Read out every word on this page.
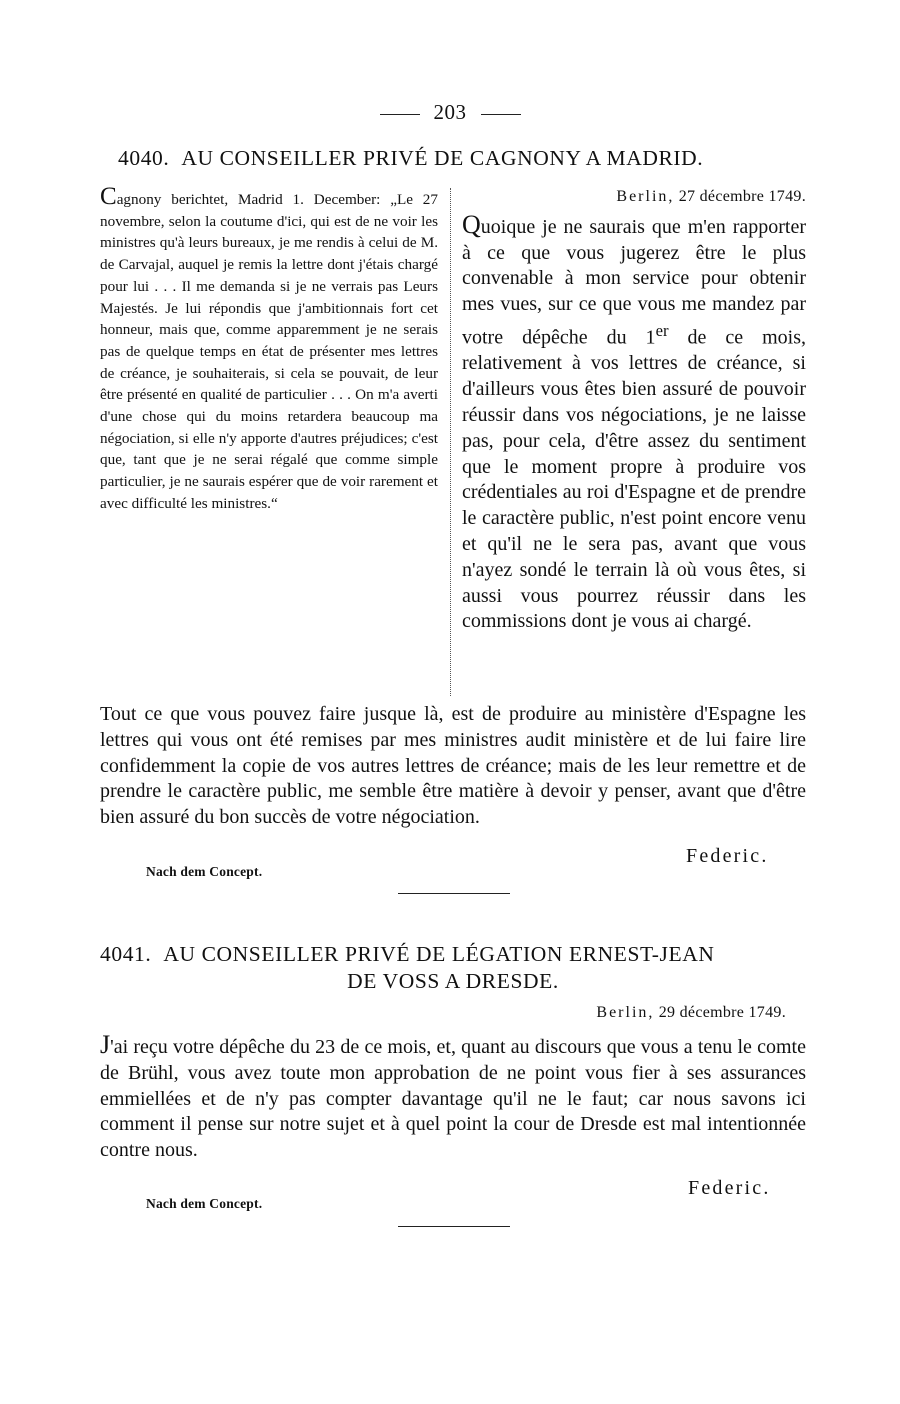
203
4040. AU CONSEILLER PRIVÉ DE CAGNONY A MADRID.
Cagnony berichtet, Madrid 1. December: „Le 27 novembre, selon la coutume d'ici, qui est de ne voir les ministres qu'à leurs bureaux, je me rendis à celui de M. de Carvajal, auquel je remis la lettre dont j'étais chargé pour lui . . . Il me demanda si je ne verrais pas Leurs Majestés. Je lui répondis que j'ambitionnais fort cet honneur, mais que, comme apparemment je ne serais pas de quelque temps en état de présenter mes lettres de créance, je souhaiterais, si cela se pouvait, de leur être présenté en qualité de particulier . . . On m'a averti d'une chose qui du moins retardera beaucoup ma négociation, si elle n'y apporte d'autres préjudices; c'est que, tant que je ne serai régalé que comme simple particulier, je ne saurais espérer que de voir rarement et avec difficulté les ministres.“
Berlin, 27 décembre 1749.
Quoique je ne saurais que m'en rapporter à ce que vous jugerez être le plus convenable à mon service pour obtenir mes vues, sur ce que vous me mandez par votre dépêche du 1er de ce mois, relativement à vos lettres de créance, si d'ailleurs vous êtes bien assuré de pouvoir réussir dans vos négociations, je ne laisse pas, pour cela, d'être assez du sentiment que le moment propre à produire vos crédentiales au roi d'Espagne et de prendre le caractère public, n'est point encore venu et qu'il ne le sera pas, avant que vous n'ayez sondé le terrain là où vous êtes, si aussi vous pourrez réussir dans les commissions dont je vous ai chargé.
Tout ce que vous pouvez faire jusque là, est de produire au ministère d'Espagne les lettres qui vous ont été remises par mes ministres audit ministère et de lui faire lire confidemment la copie de vos autres lettres de créance; mais de les leur remettre et de prendre le caractère public, me semble être matière à devoir y penser, avant que d'être bien assuré du bon succès de votre négociation.
Federic.
Nach dem Concept.
4041. AU CONSEILLER PRIVÉ DE LÉGATION ERNEST-JEAN
DE VOSS A DRESDE.
Berlin, 29 décembre 1749.
J'ai reçu votre dépêche du 23 de ce mois, et, quant au discours que vous a tenu le comte de Brühl, vous avez toute mon approbation de ne point vous fier à ses assurances emmiellées et de n'y pas compter davantage qu'il ne le faut; car nous savons ici comment il pense sur notre sujet et à quel point la cour de Dresde est mal intentionnée contre nous.
Federic.
Nach dem Concept.
